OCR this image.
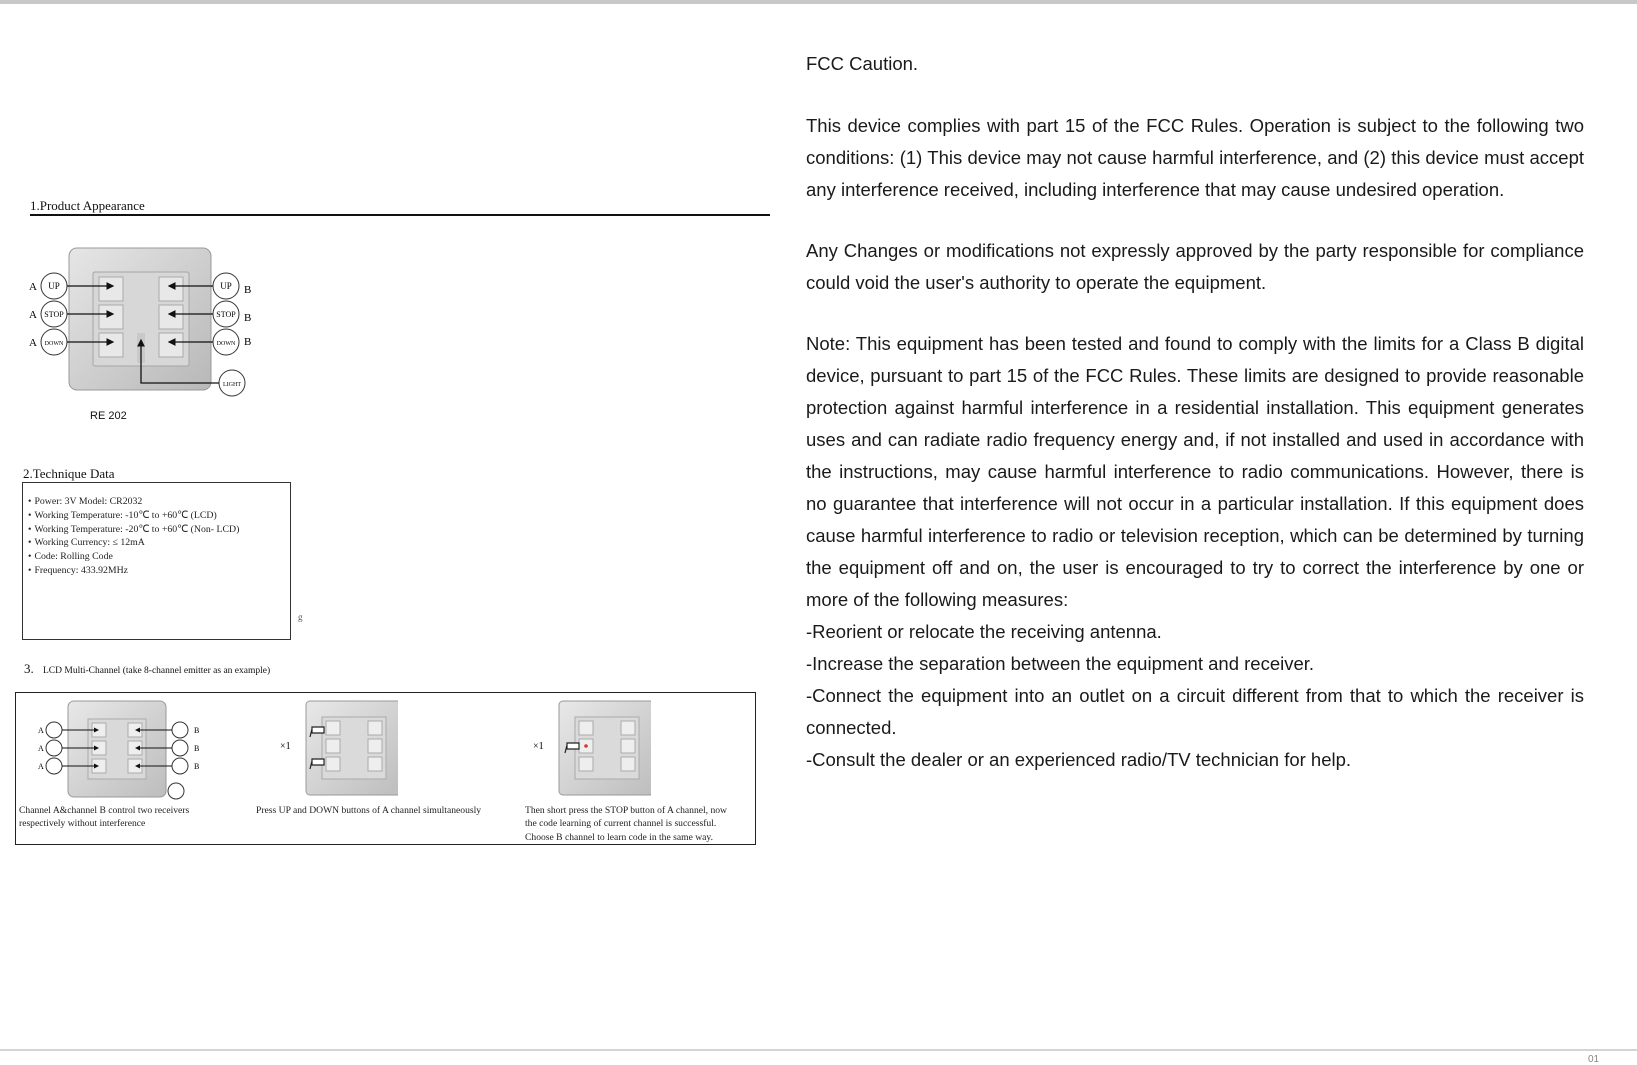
1.Product Appearance
UP
STOP
DOWN
UP
STOP
DOWN
LIGHT
A
A
A
B
B
B
RE 202
2.Technique Data
• Power: 3V Model: CR2032
• Working Temperature: -10℃ to +60℃ (LCD)
• Working Temperature: -20℃ to +60℃ (Non- LCD)
• Working Currency: ≤ 12mA
• Code: Rolling Code
• Frequency: 433.92MHz
g
3. LCD Multi-Channel (take 8-channel emitter as an example)
A
A
A
B
B
B
Channel A&channel B control two receivers
respectively without interference
×1
Press UP and DOWN buttons of A channel simultaneously
×1
Then short press the STOP button of A channel, now
the code learning of current channel is successful.
Choose B channel to learn code in the same way.

FCC Caution.

This device complies with part 15 of the FCC Rules. Operation is subject to the following two conditions: (1) This device may not cause harmful interference, and (2) this device must accept any interference received, including interference that may cause undesired operation.

Any Changes or modifications not expressly approved by the party responsible for compliance could void the user's authority to operate the equipment.

Note: This equipment has been tested and found to comply with the limits for a Class B digital device, pursuant to part 15 of the FCC Rules. These limits are designed to provide reasonable protection against harmful interference in a residential installation. This equipment generates uses and can radiate radio frequency energy and, if not installed and used in accordance with the instructions, may cause harmful interference to radio communications. However, there is no guarantee that interference will not occur in a particular installation. If this equipment does cause harmful interference to radio or television reception, which can be determined by turning the equipment off and on, the user is encouraged to try to correct the interference by one or more of the following measures:

-Reorient or relocate the receiving antenna.

-Increase the separation between the equipment and receiver.

-Connect the equipment into an outlet on a circuit different from that to which the receiver is connected.

-Consult the dealer or an experienced radio/TV technician for help.

01
